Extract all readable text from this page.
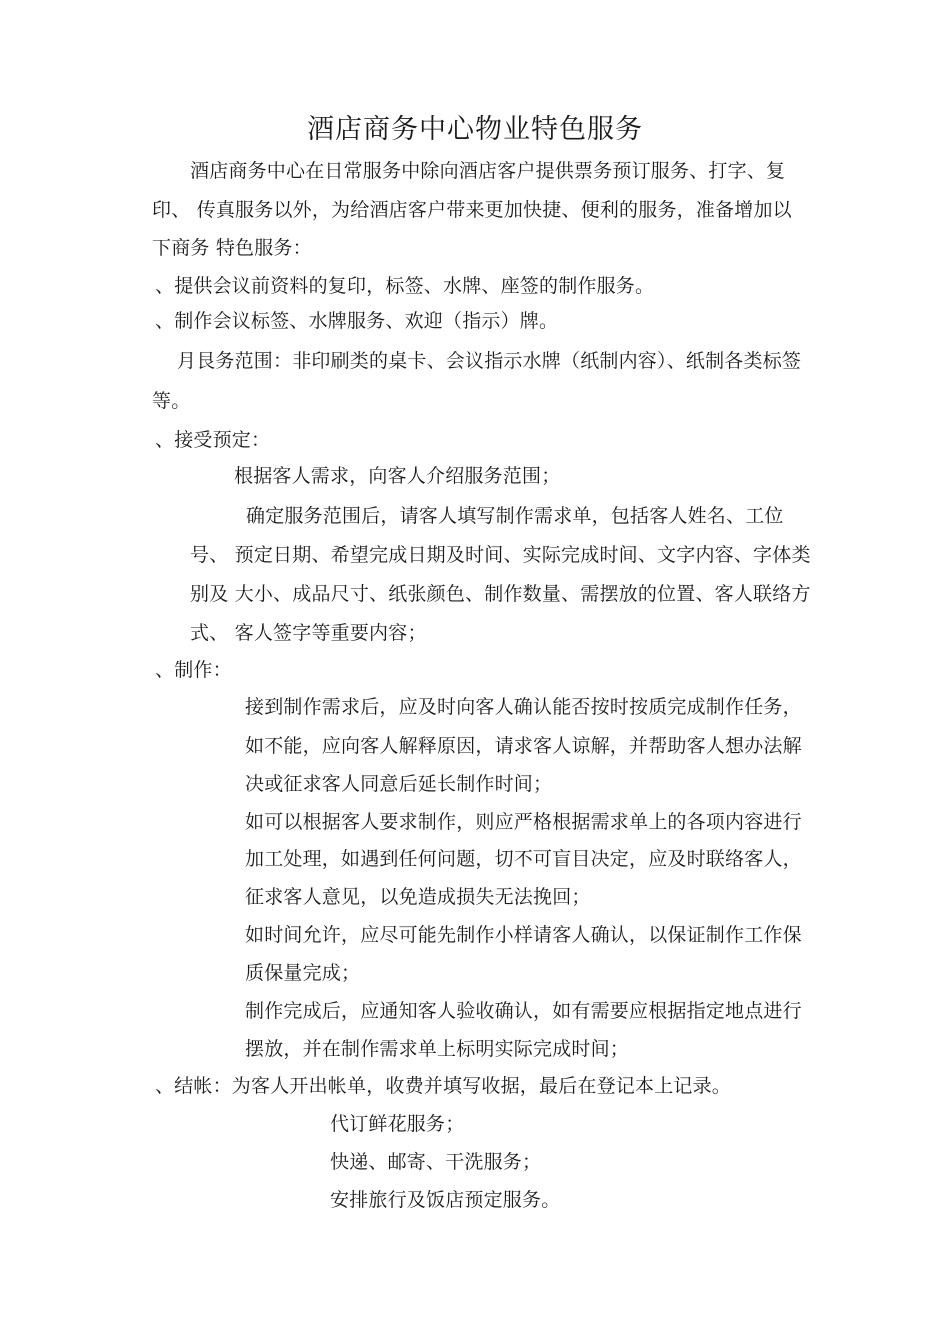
酒店商务中心物业特色服务
酒店商务中心在日常服务中除向酒店客户提供票务预订服务、打字、复
印、 传真服务以外，为给酒店客户带来更加快捷、便利的服务，准备增加以
下商务 特色服务：
、提供会议前资料的复印，标签、水牌、座签的制作服务。
、制作会议标签、水牌服务、欢迎（指示）牌。
月艮务范围：非印刷类的桌卡、会议指示水牌（纸制内容）、纸制各类标签
等。
、接受预定：
根据客人需求，向客人介绍服务范围；
确定服务范围后，请客人填写制作需求单，包括客人姓名、工位
号、 预定日期、希望完成日期及时间、实际完成时间、文字内容、字体类
别及 大小、成品尺寸、纸张颜色、制作数量、需摆放的位置、客人联络方
式、 客人签字等重要内容；
、制作：
接到制作需求后，应及时向客人确认能否按时按质完成制作任务，
如不能，应向客人解释原因，请求客人谅解，并帮助客人想办法解
决或征求客人同意后延长制作时间；
如可以根据客人要求制作，则应严格根据需求单上的各项内容进行
加工处理，如遇到任何问题，切不可盲目决定，应及时联络客人，
征求客人意见，以免造成损失无法挽回；
如时间允许，应尽可能先制作小样请客人确认，以保证制作工作保
质保量完成；
制作完成后，应通知客人验收确认，如有需要应根据指定地点进行
摆放，并在制作需求单上标明实际完成时间；
、结帐：为客人开出帐单，收费并填写收据，最后在登记本上记录。
代订鲜花服务；
快递、邮寄、干洗服务；
安排旅行及饭店预定服务。
